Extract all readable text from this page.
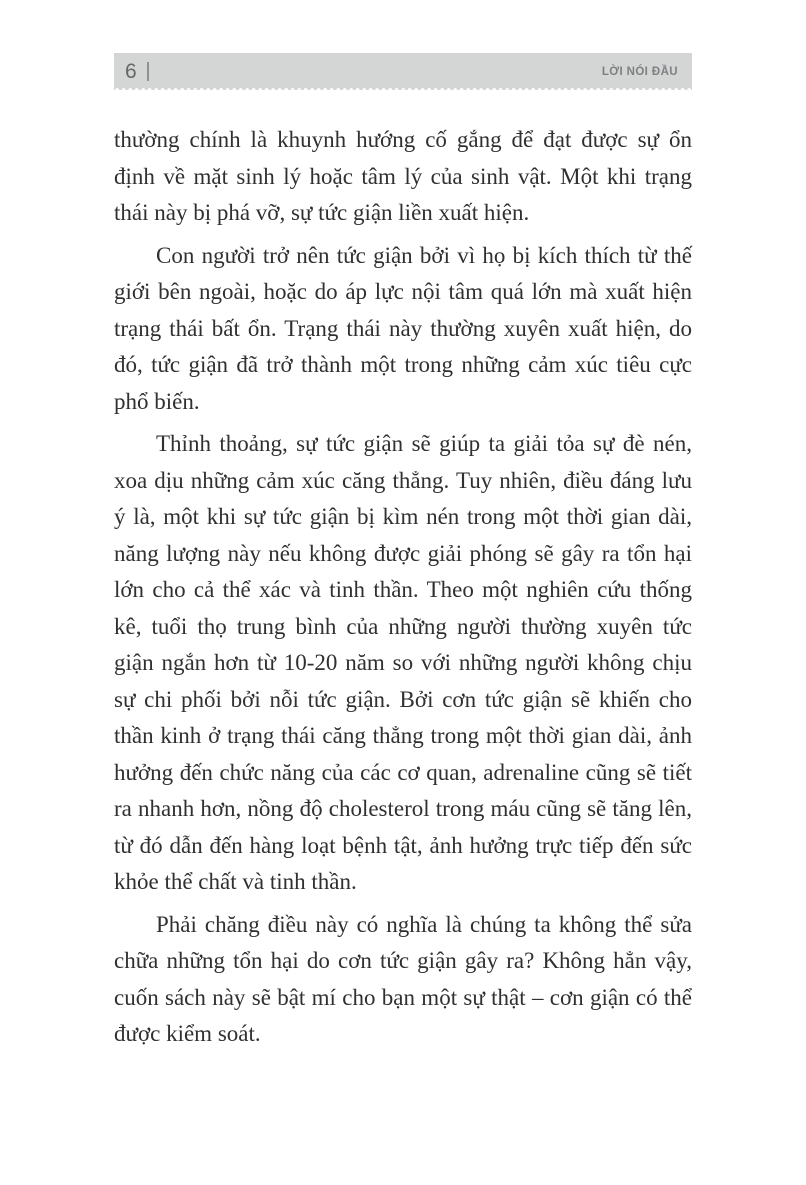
6	LỜI NÓI ĐẦU

thường chính là khuynh hướng cố gắng để đạt được sự ổn định về mặt sinh lý hoặc tâm lý của sinh vật. Một khi trạng thái này bị phá vỡ, sự tức giận liền xuất hiện.

Con người trở nên tức giận bởi vì họ bị kích thích từ thế giới bên ngoài, hoặc do áp lực nội tâm quá lớn mà xuất hiện trạng thái bất ổn. Trạng thái này thường xuyên xuất hiện, do đó, tức giận đã trở thành một trong những cảm xúc tiêu cực phổ biến.

Thỉnh thoảng, sự tức giận sẽ giúp ta giải tỏa sự đè nén, xoa dịu những cảm xúc căng thẳng. Tuy nhiên, điều đáng lưu ý là, một khi sự tức giận bị kìm nén trong một thời gian dài, năng lượng này nếu không được giải phóng sẽ gây ra tổn hại lớn cho cả thể xác và tinh thần. Theo một nghiên cứu thống kê, tuổi thọ trung bình của những người thường xuyên tức giận ngắn hơn từ 10-20 năm so với những người không chịu sự chi phối bởi nỗi tức giận. Bởi cơn tức giận sẽ khiến cho thần kinh ở trạng thái căng thẳng trong một thời gian dài, ảnh hưởng đến chức năng của các cơ quan, adrenaline cũng sẽ tiết ra nhanh hơn, nồng độ cholesterol trong máu cũng sẽ tăng lên, từ đó dẫn đến hàng loạt bệnh tật, ảnh hưởng trực tiếp đến sức khỏe thể chất và tinh thần.

Phải chăng điều này có nghĩa là chúng ta không thể sửa chữa những tổn hại do cơn tức giận gây ra? Không hẳn vậy, cuốn sách này sẽ bật mí cho bạn một sự thật – cơn giận có thể được kiểm soát.
